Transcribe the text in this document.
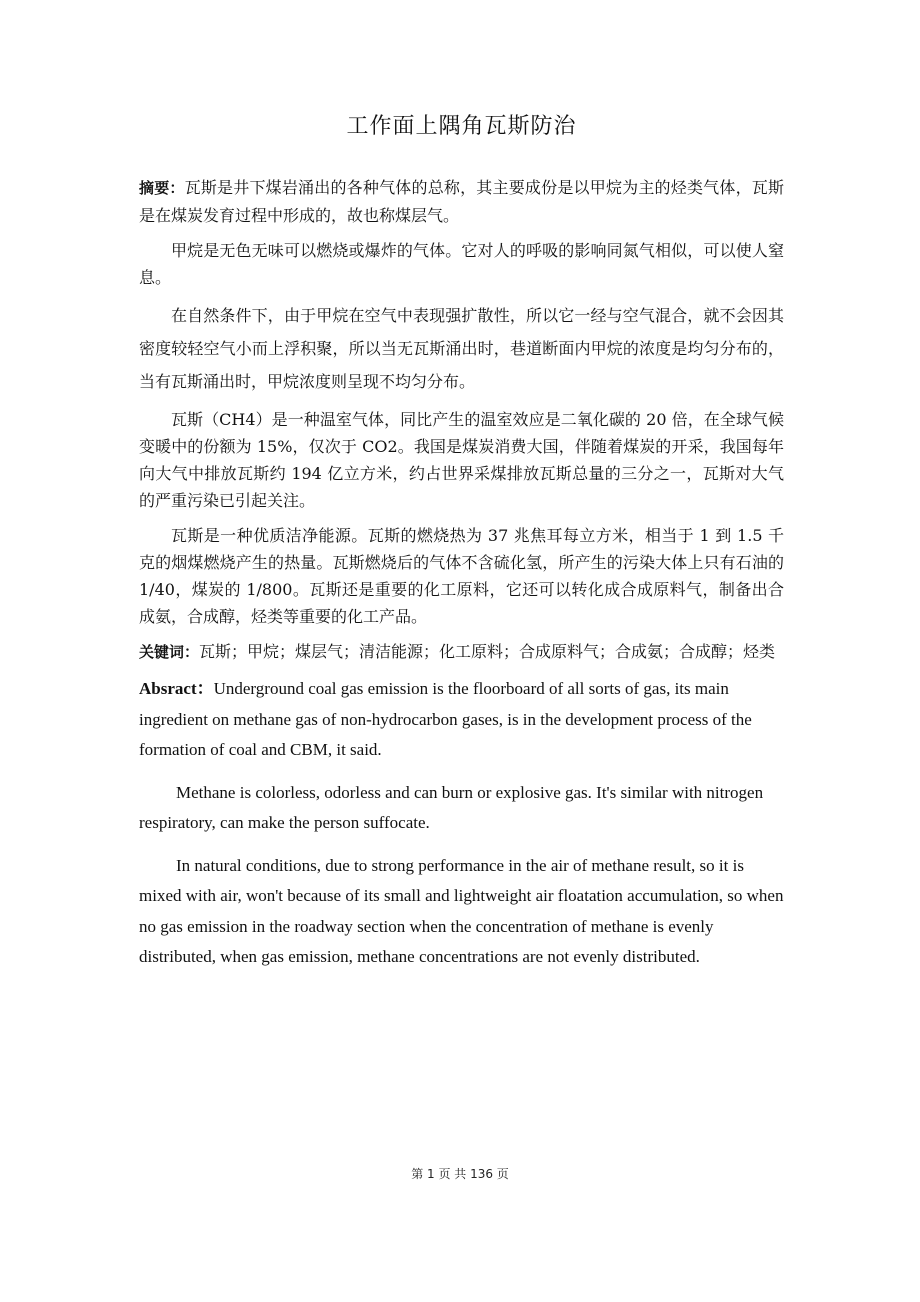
工作面上隅角瓦斯防治

摘要：瓦斯是井下煤岩涌出的各种气体的总称，其主要成份是以甲烷为主的烃类气体，瓦斯是在煤炭发育过程中形成的，故也称煤层气。

甲烷是无色无味可以燃烧或爆炸的气体。它对人的呼吸的影响同氮气相似，可以使人窒息。

在自然条件下，由于甲烷在空气中表现强扩散性，所以它一经与空气混合，就不会因其密度较轻空气小而上浮积聚，所以当无瓦斯涌出时，巷道断面内甲烷的浓度是均匀分布的，当有瓦斯涌出时，甲烷浓度则呈现不均匀分布。

瓦斯（CH4）是一种温室气体，同比产生的温室效应是二氧化碳的 20 倍，在全球气候变暖中的份额为 15%，仅次于 CO2。我国是煤炭消费大国，伴随着煤炭的开采，我国每年向大气中排放瓦斯约 194 亿立方米，约占世界采煤排放瓦斯总量的三分之一，瓦斯对大气的严重污染已引起关注。

瓦斯是一种优质洁净能源。瓦斯的燃烧热为 37 兆焦耳每立方米，相当于 1 到 1.5 千克的烟煤燃烧产生的热量。瓦斯燃烧后的气体不含硫化氢，所产生的污染大体上只有石油的 1/40，煤炭的 1/800。瓦斯还是重要的化工原料，它还可以转化成合成原料气，制备出合成氨，合成醇，烃类等重要的化工产品。

关键词：瓦斯；甲烷；煤层气；清洁能源；化工原料；合成原料气；合成氨；合成醇；烃类

Absract：Underground coal gas emission is the floorboard of all sorts of gas, its main ingredient on methane gas of non-hydrocarbon gases, is in the development process of the formation of coal and CBM, it said.

Methane is colorless, odorless and can burn or explosive gas. It's similar with nitrogen respiratory, can make the person suffocate.

In natural conditions, due to strong performance in the air of methane result, so it is mixed with air, won't because of its small and lightweight air floatation accumulation, so when no gas emission in the roadway section when the concentration of methane is evenly distributed, when gas emission, methane concentrations are not evenly distributed.

第 1 页 共 136 页
